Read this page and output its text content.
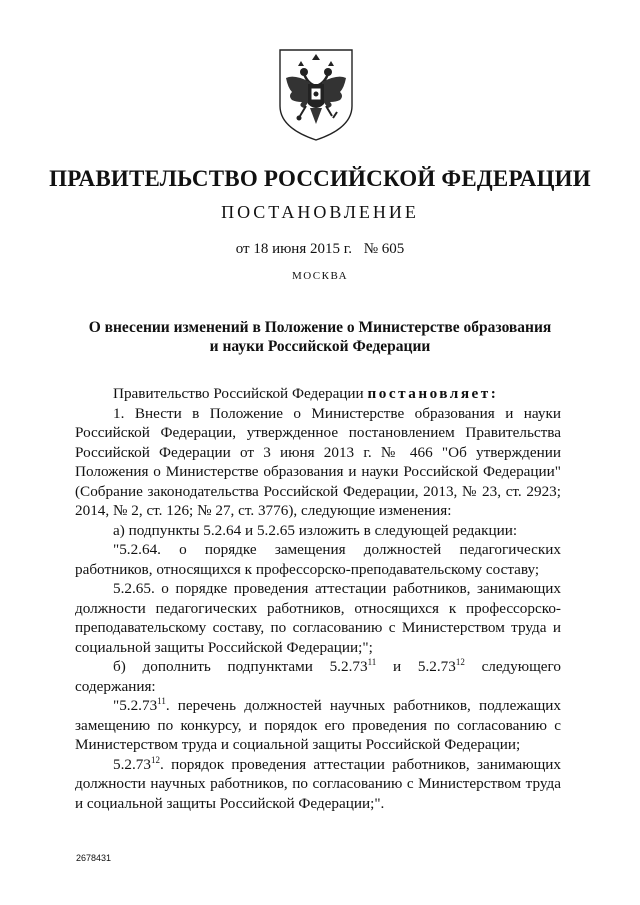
ПРАВИТЕЛЬСТВО РОССИЙСКОЙ ФЕДЕРАЦИИ
ПОСТАНОВЛЕНИЕ
от 18 июня 2015 г. № 605
МОСКВА
О внесении изменений в Положение о Министерстве образования
и науки Российской Федерации

Правительство Российской Федерации постановляет:

1. Внести в Положение о Министерстве образования и науки Российской Федерации, утвержденное постановлением Правительства Российской Федерации от 3 июня 2013 г. № 466 "Об утверждении Положения о Министерстве образования и науки Российской Федерации" (Собрание законодательства Российской Федерации, 2013, № 23, ст. 2923; 2014, № 2, ст. 126; № 27, ст. 3776), следующие изменения:

а) подпункты 5.2.64 и 5.2.65 изложить в следующей редакции:

"5.2.64. о порядке замещения должностей педагогических работников, относящихся к профессорско-преподавательскому составу;

5.2.65. о порядке проведения аттестации работников, занимающих должности педагогических работников, относящихся к профессорско-преподавательскому составу, по согласованию с Министерством труда и социальной защиты Российской Федерации;";

б) дополнить подпунктами 5.2.73$^{11}$ и 5.2.73$^{12}$ следующего содержания:

"5.2.73$^{11}$. перечень должностей научных работников, подлежащих замещению по конкурсу, и порядок его проведения по согласованию с Министерством труда и социальной защиты Российской Федерации;

5.2.73$^{12}$. порядок проведения аттестации работников, занимающих должности научных работников, по согласованию с Министерством труда и социальной защиты Российской Федерации;".

2678431
